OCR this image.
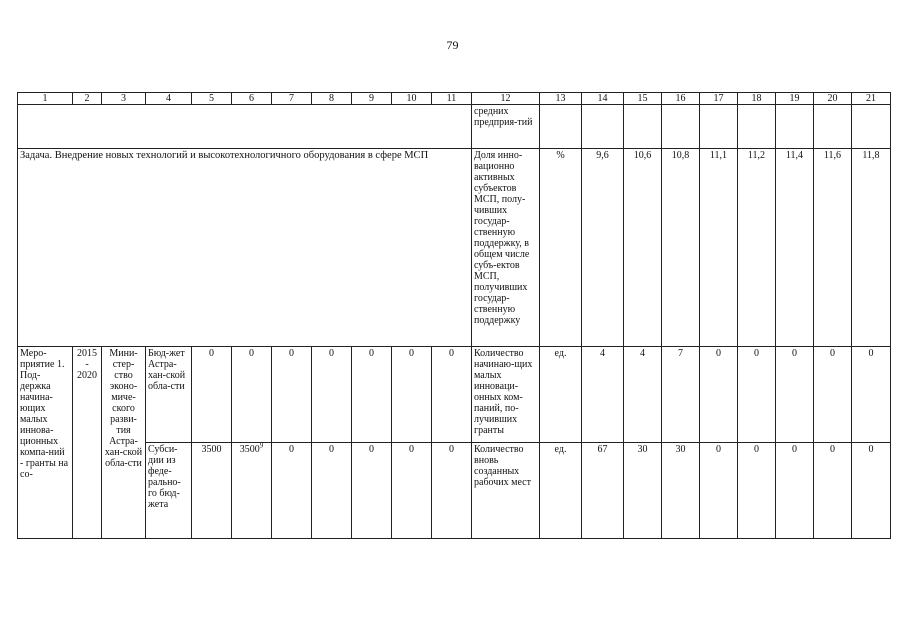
79
1	2	3	4	5	6	7	8	9	10	11	12	13	14	15	16	17	18	19	20	21
											средних предприя-тий									
Задача. Внедрение новых технологий и высокотехнологичного оборудования в сфере МСП											Доля инно-вационно активных субъектов МСП, полу-чивших государ-ственную поддержку, в общем числе субъ-ектов МСП, получивших государ-ственную поддержку	%	9,6	10,6	10,8	11,1	11,2	11,4	11,6	11,8
Меро-приятие 1. Под-держка начина-ющих малых иннова-ционных компа-ний - гранты на со-	2015 - 2020	Мини-стер-ство эконо-миче-ского разви-тия Астра-хан-ской обла-сти	Бюд-жет Астра-хан-ской обла-сти	0	0	0	0	0	0	0	Количество начинаю-щих малых инноваци-онных ком-паний, по-лучивших гранты	ед.	4	4	7	0	0	0	0	0
			Субси-дии из феде-рально-го бюд-жета	3500	3500$^9$	0	0	0	0	0	Количество вновь созданных рабочих мест	ед.	67	30	30	0	0	0	0	0
